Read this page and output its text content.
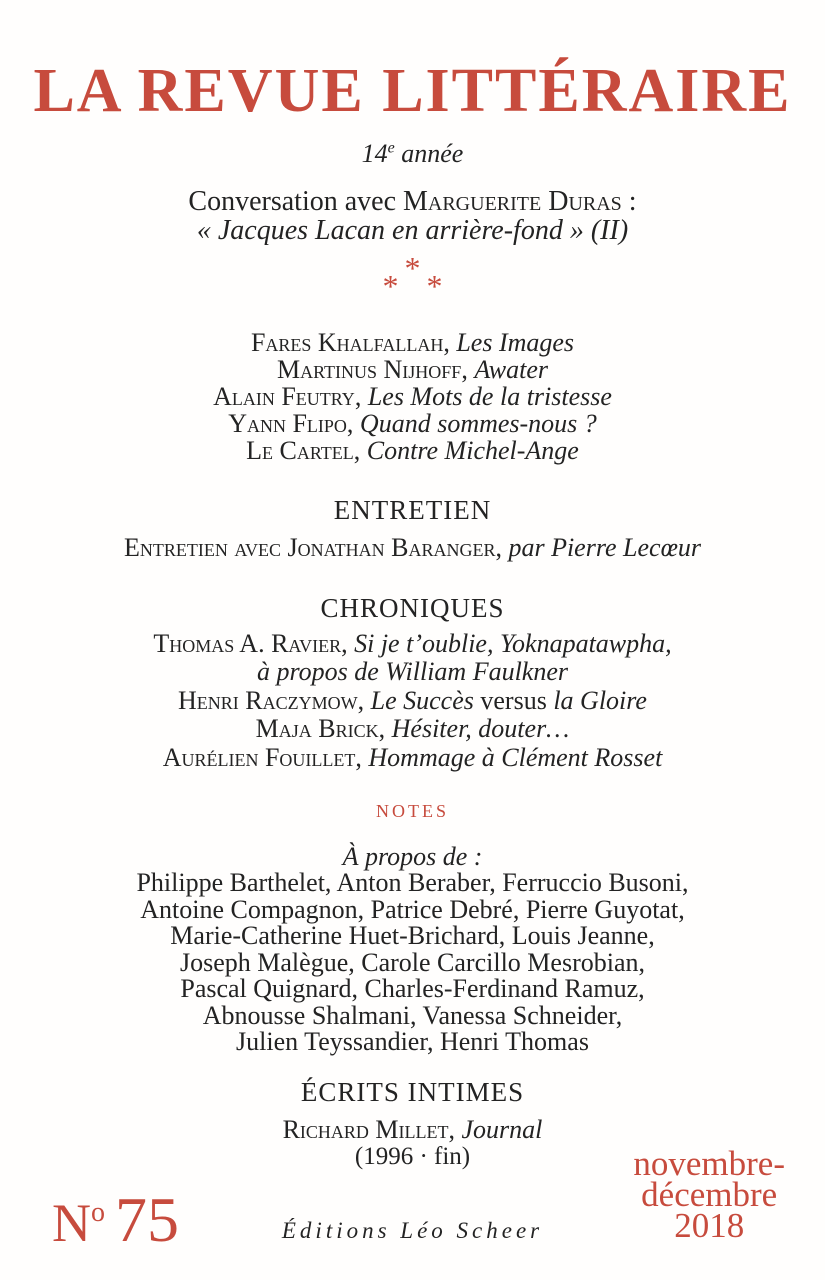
LA REVUE LITTÉRAIRE
14e année
Conversation avec Marguerite Duras :
« Jacques Lacan en arrière-fond » (II)
*
* *
Fares Khalfallah, Les Images
Martinus Nijhoff, Awater
Alain Feutry, Les Mots de la tristesse
Yann Flipo, Quand sommes-nous ?
Le Cartel, Contre Michel-Ange
ENTRETIEN
Entretien avec Jonathan Baranger, par Pierre Lecœur
CHRONIQUES
Thomas A. Ravier, Si je t’oublie, Yoknapatawpha,
à propos de William Faulkner
Henri Raczymow, Le Succès versus la Gloire
Maja Brick, Hésiter, douter…
Aurélien Fouillet, Hommage à Clément Rosset
NOTES
À propos de :
Philippe Barthelet, Anton Beraber, Ferruccio Busoni,
Antoine Compagnon, Patrice Debré, Pierre Guyotat,
Marie-Catherine Huet-Brichard, Louis Jeanne,
Joseph Malègue, Carole Carcillo Mesrobian,
Pascal Quignard, Charles-Ferdinand Ramuz,
Abnousse Shalmani, Vanessa Schneider,
Julien Teyssandier, Henri Thomas
ÉCRITS INTIMES
Richard Millet, Journal
(1996 · fin)
No 75	Éditions Léo Scheer
novembre-
décembre
2018
